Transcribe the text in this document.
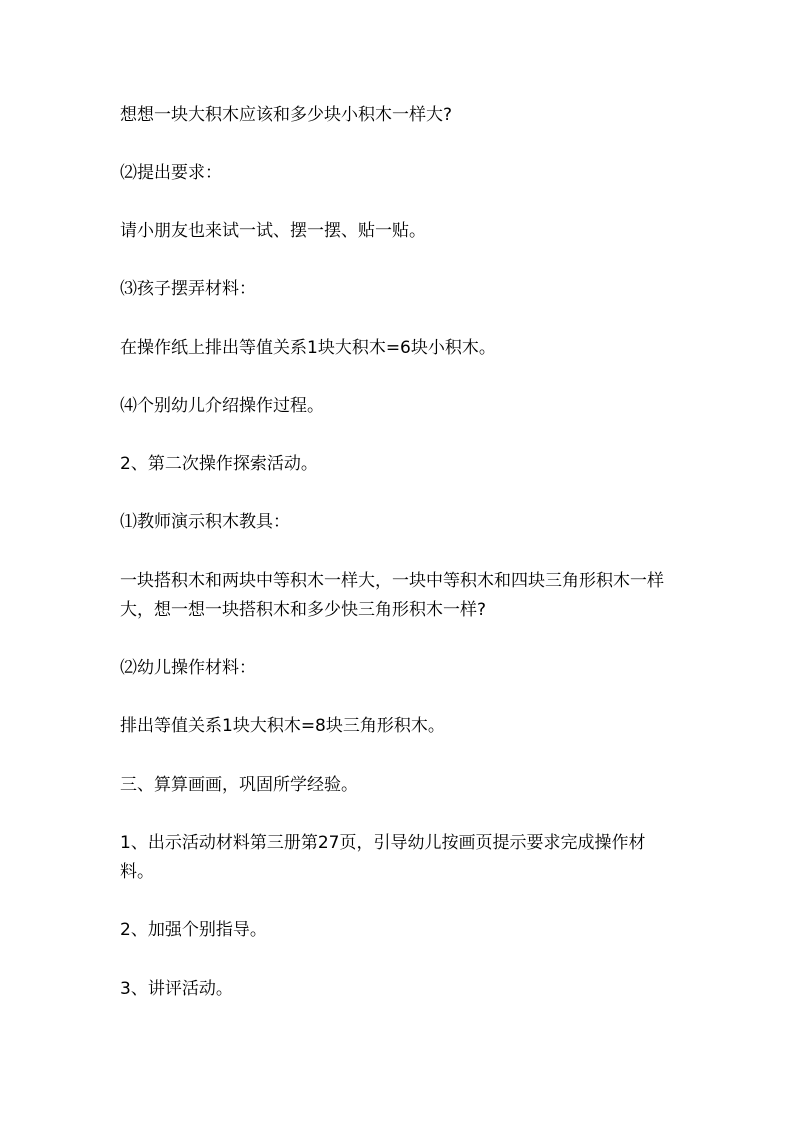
想想一块大积木应该和多少块小积木一样大?

⑵提出要求：

请小朋友也来试一试、摆一摆、贴一贴。

⑶孩子摆弄材料：

在操作纸上排出等值关系1块大积木=6块小积木。

⑷个别幼儿介绍操作过程。

2、第二次操作探索活动。

⑴教师演示积木教具：

一块搭积木和两块中等积木一样大，一块中等积木和四块三角形积木一样大，想一想一块搭积木和多少快三角形积木一样?

⑵幼儿操作材料：

排出等值关系1块大积木=8块三角形积木。

三、算算画画，巩固所学经验。

1、出示活动材料第三册第27页，引导幼儿按画页提示要求完成操作材料。

2、加强个别指导。

3、讲评活动。
